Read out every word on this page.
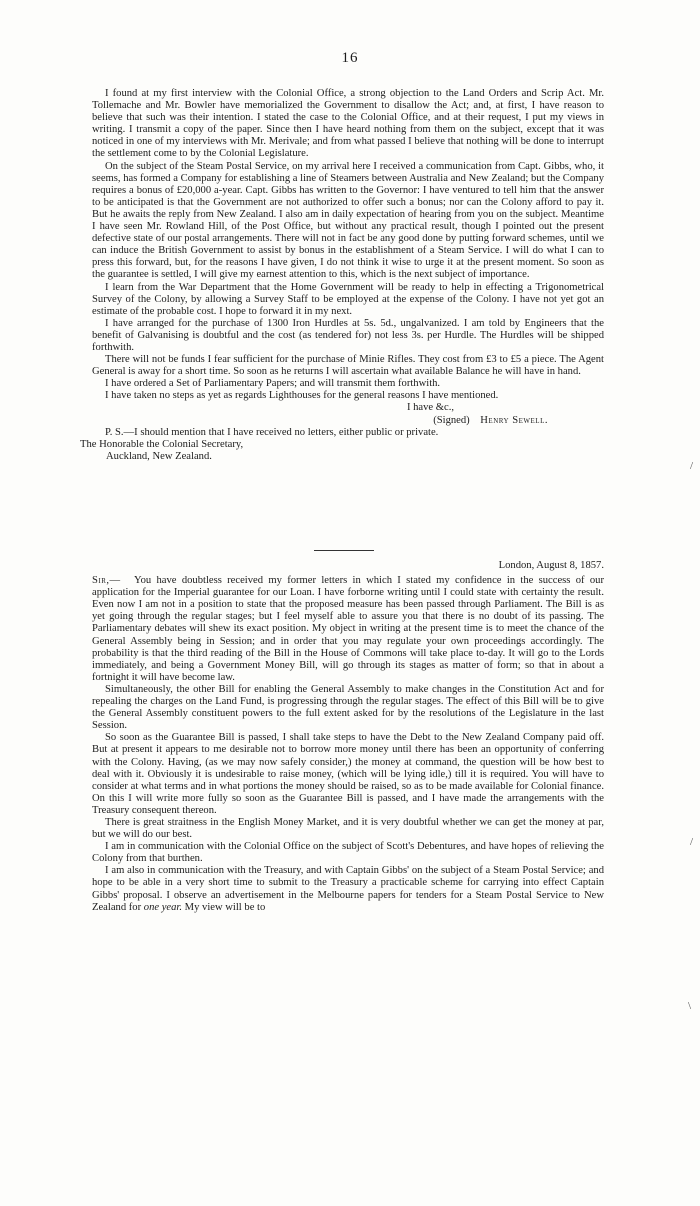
16

I found at my first interview with the Colonial Office, a strong objection to the Land Orders and Scrip Act. Mr. Tollemache and Mr. Bowler have memorialized the Government to disallow the Act; and, at first, I have reason to believe that such was their intention. I stated the case to the Colonial Office, and at their request, I put my views in writing. I transmit a copy of the paper. Since then I have heard nothing from them on the subject, except that it was noticed in one of my interviews with Mr. Merivale; and from what passed I believe that nothing will be done to interrupt the settlement come to by the Colonial Legislature.

On the subject of the Steam Postal Service, on my arrival here I received a communication from Capt. Gibbs, who, it seems, has formed a Company for establishing a line of Steamers between Australia and New Zealand; but the Company requires a bonus of £20,000 a-year. Capt. Gibbs has written to the Governor: I have ventured to tell him that the answer to be anticipated is that the Government are not authorized to offer such a bonus; nor can the Colony afford to pay it. But he awaits the reply from New Zealand. I also am in daily expectation of hearing from you on the subject. Meantime I have seen Mr. Rowland Hill, of the Post Office, but without any practical result, though I pointed out the present defective state of our postal arrangements. There will not in fact be any good done by putting forward schemes, until we can induce the British Government to assist by bonus in the establishment of a Steam Service. I will do what I can to press this forward, but, for the reasons I have given, I do not think it wise to urge it at the present moment. So soon as the guarantee is settled, I will give my earnest attention to this, which is the next subject of importance.

I learn from the War Department that the Home Government will be ready to help in effecting a Trigonometrical Survey of the Colony, by allowing a Survey Staff to be employed at the expense of the Colony. I have not yet got an estimate of the probable cost. I hope to forward it in my next.

I have arranged for the purchase of 1300 Iron Hurdles at 5s. 5d., ungalvanized. I am told by Engineers that the benefit of Galvanising is doubtful and the cost (as tendered for) not less 3s. per Hurdle. The Hurdles will be shipped forthwith.

There will not be funds I fear sufficient for the purchase of Minie Rifles. They cost from £3 to £5 a piece. The Agent General is away for a short time. So soon as he returns I will ascertain what available Balance he will have in hand.

I have ordered a Set of Parliamentary Papers; and will transmit them forthwith.

I have taken no steps as yet as regards Lighthouses for the general reasons I have mentioned.

I have &c.,
(Signed) Henry Sewell.

P. S.—I should mention that I have received no letters, either public or private.

The Honorable the Colonial Secretary,
Auckland, New Zealand.
London, August 8, 1857.

Sir,—	You have doubtless received my former letters in which I stated my confidence in the success of our application for the Imperial guarantee for our Loan. I have forborne writing until I could state with certainty the result. Even now I am not in a position to state that the proposed measure has been passed through Parliament. The Bill is as yet going through the regular stages; but I feel myself able to assure you that there is no doubt of its passing. The Parliamentary debates will shew its exact position. My object in writing at the present time is to meet the chance of the General Assembly being in Session; and in order that you may regulate your own proceedings accordingly. The probability is that the third reading of the Bill in the House of Commons will take place to-day. It will go to the Lords immediately, and being a Government Money Bill, will go through its stages as matter of form; so that in about a fortnight it will have become law.

Simultaneously, the other Bill for enabling the General Assembly to make changes in the Constitution Act and for repealing the charges on the Land Fund, is progressing through the regular stages. The effect of this Bill will be to give the General Assembly constituent powers to the full extent asked for by the resolutions of the Legislature in the last Session.

So soon as the Guarantee Bill is passed, I shall take steps to have the Debt to the New Zealand Company paid off. But at present it appears to me desirable not to borrow more money until there has been an opportunity of conferring with the Colony. Having, (as we may now safely consider,) the money at command, the question will be how best to deal with it. Obviously it is undesirable to raise money, (which will be lying idle,) till it is required. You will have to consider at what terms and in what portions the money should be raised, so as to be made available for Colonial finance. On this I will write more fully so soon as the Guarantee Bill is passed, and I have made the arrangements with the Treasury consequent thereon.

There is great straitness in the English Money Market, and it is very doubtful whether we can get the money at par, but we will do our best.

I am in communication with the Colonial Office on the subject of Scott's Debentures, and have hopes of relieving the Colony from that burthen.

I am also in communication with the Treasury, and with Captain Gibbs' on the subject of a Steam Postal Service; and hope to be able in a very short time to submit to the Treasury a practicable scheme for carrying into effect Captain Gibbs' proposal. I observe an advertisement in the Melbourne papers for tenders for a Steam Postal Service to New Zealand for one year. My view will be to

/
/
\
